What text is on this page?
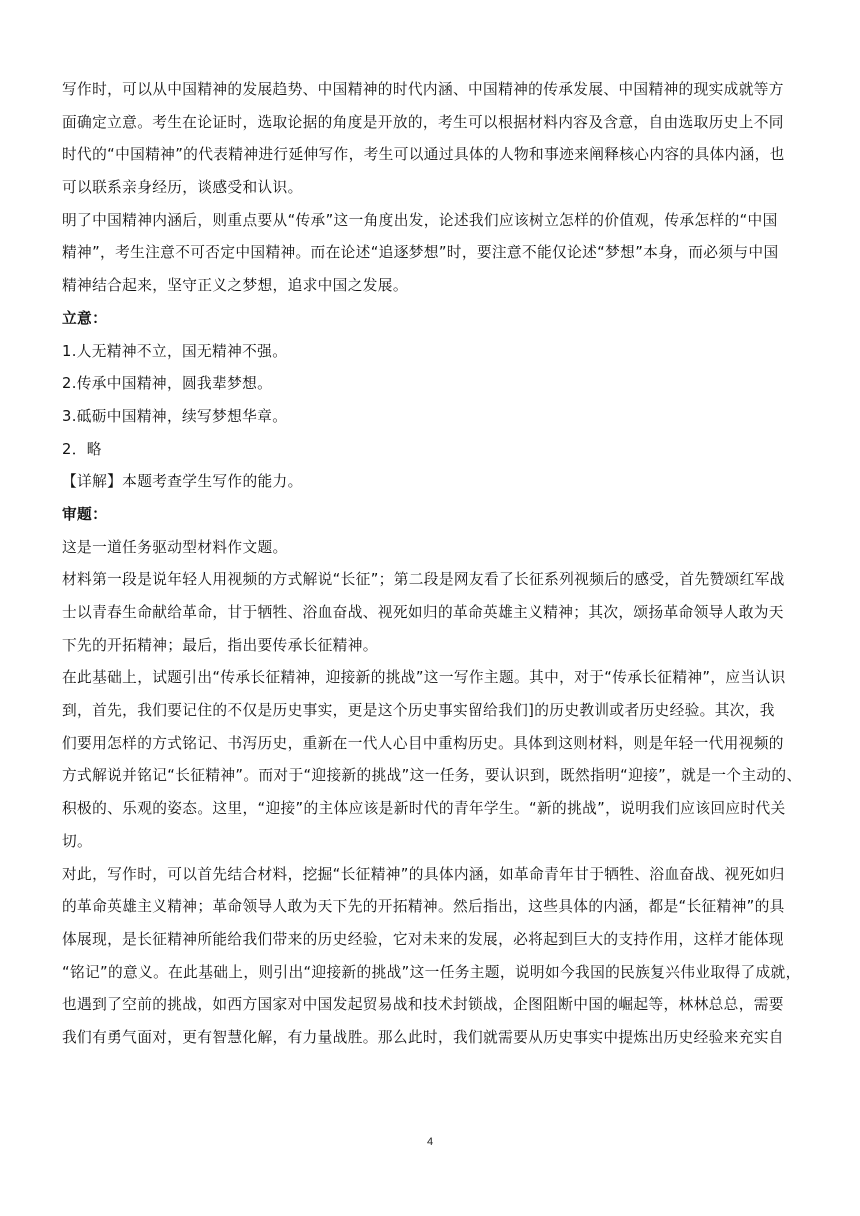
写作时，可以从中国精神的发展趋势、中国精神的时代内涵、中国精神的传承发展、中国精神的现实成就等方
面确定立意。考生在论证时，选取论据的角度是开放的，考生可以根据材料内容及含意，自由选取历史上不同
时代的“中国精神”的代表精神进行延伸写作，考生可以通过具体的人物和事迹来阐释核心内容的具体内涵，也
可以联系亲身经历，谈感受和认识。
明了中国精神内涵后，则重点要从“传承”这一角度出发，论述我们应该树立怎样的价值观，传承怎样的“中国
精神”，考生注意不可否定中国精神。而在论述“追逐梦想”时，要注意不能仅论述“梦想”本身，而必须与中国
精神结合起来，坚守正义之梦想，追求中国之发展。
立意：
1.人无精神不立，国无精神不强。
2.传承中国精神，圆我辈梦想。
3.砥砺中国精神，续写梦想华章。
2．略
【详解】本题考查学生写作的能力。
审题：
这是一道任务驱动型材料作文题。
材料第一段是说年轻人用视频的方式解说“长征”；第二段是网友看了长征系列视频后的感受，首先赞颂红军战
士以青春生命献给革命，甘于牺牲、浴血奋战、视死如归的革命英雄主义精神；其次，颂扬革命领导人敢为天
下先的开拓精神；最后，指出要传承长征精神。
在此基础上，试题引出“传承长征精神，迎接新的挑战”这一写作主题。其中，对于“传承长征精神”，应当认识
到，首先，我们要记住的不仅是历史事实，更是这个历史事实留给我们]的历史教训或者历史经验。其次，我
们要用怎样的方式铭记、书泻历史，重新在一代人心目中重构历史。具体到这则材料，则是年轻一代用视频的
方式解说并铭记“长征精神”。而对于“迎接新的挑战”这一任务，要认识到，既然指明“迎接”，就是一个主动的、
积极的、乐观的姿态。这里，“迎接”的主体应该是新时代的青年学生。“新的挑战”，说明我们应该回应时代关
切。
对此，写作时，可以首先结合材料，挖掘“长征精神”的具体内涵，如革命青年甘于牺牲、浴血奋战、视死如归
的革命英雄主义精神；革命领导人敢为天下先的开拓精神。然后指出，这些具体的内涵，都是“长征精神”的具
体展现，是长征精神所能给我们带来的历史经验，它对未来的发展，必将起到巨大的支持作用，这样才能体现
“铭记”的意义。在此基础上，则引出“迎接新的挑战”这一任务主题，说明如今我国的民族复兴伟业取得了成就，
也遇到了空前的挑战，如西方国家对中国发起贸易战和技术封锁战，企图阻断中国的崛起等，林林总总，需要
我们有勇气面对，更有智慧化解，有力量战胜。那么此时，我们就需要从历史事实中提炼出历史经验来充实自
4
